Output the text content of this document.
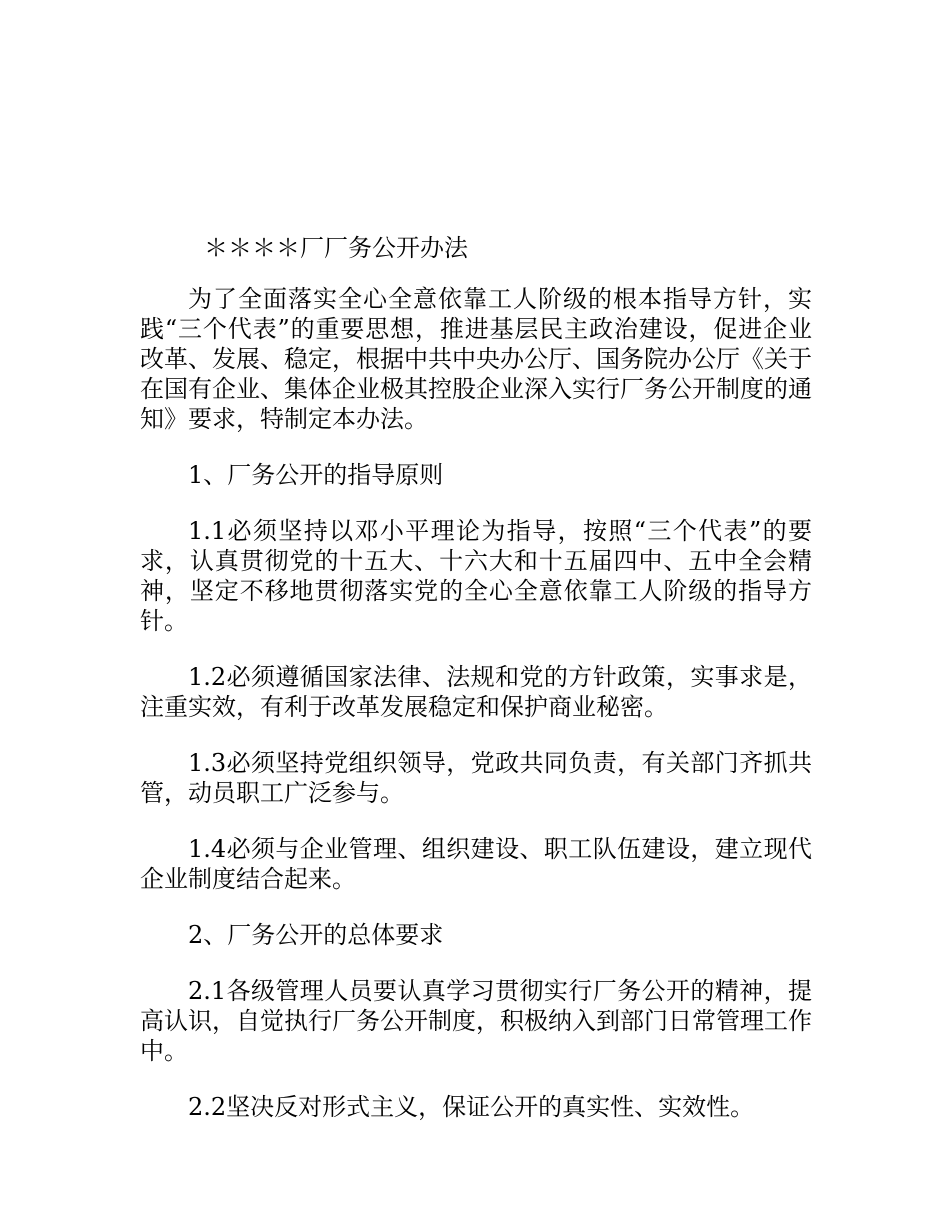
＊＊＊＊厂厂务公开办法

为了全面落实全心全意依靠工人阶级的根本指导方针，实践“三个代表”的重要思想，推进基层民主政治建设，促进企业改革、发展、稳定，根据中共中央办公厅、国务院办公厅《关于在国有企业、集体企业极其控股企业深入实行厂务公开制度的通知》要求，特制定本办法。

1、厂务公开的指导原则

1.1必须坚持以邓小平理论为指导，按照“三个代表”的要求，认真贯彻党的十五大、十六大和十五届四中、五中全会精神，坚定不移地贯彻落实党的全心全意依靠工人阶级的指导方针。

1.2必须遵循国家法律、法规和党的方针政策，实事求是，注重实效，有利于改革发展稳定和保护商业秘密。

1.3必须坚持党组织领导，党政共同负责，有关部门齐抓共管，动员职工广泛参与。

1.4必须与企业管理、组织建设、职工队伍建设，建立现代企业制度结合起来。

2、厂务公开的总体要求

2.1各级管理人员要认真学习贯彻实行厂务公开的精神，提高认识，自觉执行厂务公开制度，积极纳入到部门日常管理工作中。

2.2坚决反对形式主义，保证公开的真实性、实效性。
